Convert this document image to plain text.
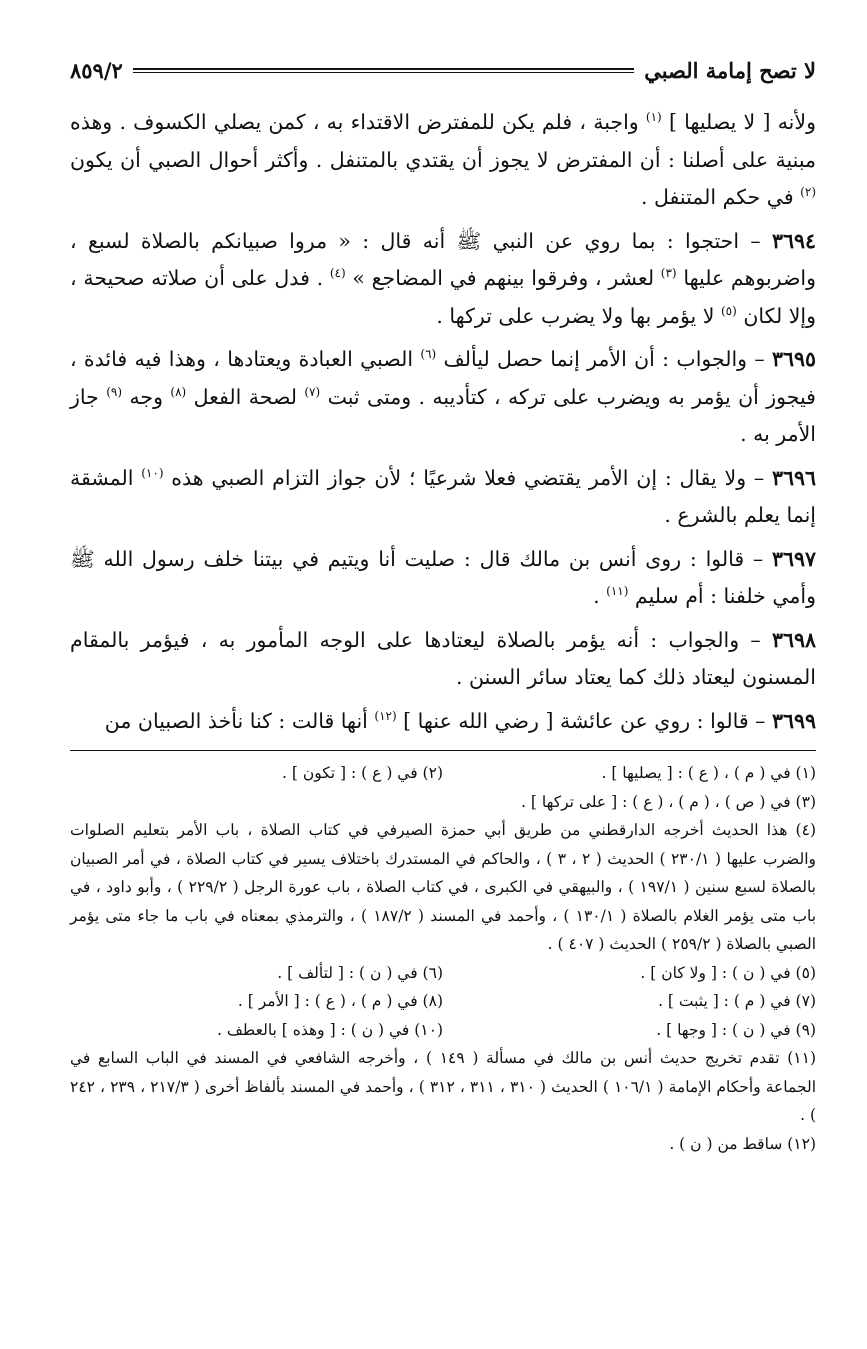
لا تصح إمامة الصبي
٨٥٩/٢

ولأنه [ لا يصليها ] $^{(١)}$ واجبة ، فلم يكن للمفترض الاقتداء به ، كمن يصلي الكسوف . وهذه مبنية على أصلنا : أن المفترض لا يجوز أن يقتدي بالمتنفل . وأكثر أحوال الصبي أن يكون $^{(٢)}$ في حكم المتنفل .

٣٦٩٤ – احتجوا : بما روي عن النبي ﷺ أنه قال : « مروا صبيانكم بالصلاة لسبع ، واضربوهم عليها $^{(٣)}$ لعشر ، وفرقوا بينهم في المضاجع » $^{(٤)}$ . فدل على أن صلاته صحيحة ، وإلا لكان $^{(٥)}$ لا يؤمر بها ولا يضرب على تركها .

٣٦٩٥ – والجواب : أن الأمر إنما حصل ليألف $^{(٦)}$ الصبي العبادة ويعتادها ، وهذا فيه فائدة ، فيجوز أن يؤمر به ويضرب على تركه ، كتأديبه . ومتى ثبت $^{(٧)}$ لصحة الفعل $^{(٨)}$ وجه $^{(٩)}$ جاز الأمر به .

٣٦٩٦ – ولا يقال : إن الأمر يقتضي فعلا شرعيًا ؛ لأن جواز التزام الصبي هذه $^{(١٠)}$ المشقة إنما يعلم بالشرع .

٣٦٩٧ – قالوا : روى أنس بن مالك قال : صليت أنا ويتيم في بيتنا خلف رسول الله ﷺ وأمي خلفنا : أم سليم $^{(١١)}$ .

٣٦٩٨ – والجواب : أنه يؤمر بالصلاة ليعتادها على الوجه المأمور به ، فيؤمر بالمقام المسنون ليعتاد ذلك كما يعتاد سائر السنن .

٣٦٩٩ – قالوا : روي عن عائشة [ رضي الله عنها ] $^{(١٢)}$ أنها قالت : كنا نأخذ الصبيان من

(١) في ( م ) ، ( ع ) : [ يصليها ] .
(٢) في ( ع ) : [ تكون ] .
(٣) في ( ص ) ، ( م ) ، ( ع ) : [ على تركها ] .
(٤) هذا الحديث أخرجه الدارقطني من طريق أبي حمزة الصيرفي في كتاب الصلاة ، باب الأمر بتعليم الصلوات والضرب عليها ( ٢٣٠/١ ) الحديث ( ٢ ، ٣ ) ، والحاكم في المستدرك باختلاف يسير في كتاب الصلاة ، في أمر الصبيان بالصلاة لسبع سنين ( ١٩٧/١ ) ، والبيهقي في الكبرى ، في كتاب الصلاة ، باب عورة الرجل ( ٢٢٩/٢ ) ، وأبو داود ، في باب متى يؤمر الغلام بالصلاة ( ١٣٠/١ ) ، وأحمد في المسند ( ١٨٧/٢ ) ، والترمذي بمعناه في باب ما جاء متى يؤمر الصبي بالصلاة ( ٢٥٩/٢ ) الحديث ( ٤٠٧ ) .
(٥) في ( ن ) : [ ولا كان ] .
(٦) في ( ن ) : [ لتألف ] .
(٧) في ( م ) : [ يثبت ] .
(٨) في ( م ) ، ( ع ) : [ الأمر ] .
(٩) في ( ن ) : [ وجها ] .
(١٠) في ( ن ) : [ وهذه ] بالعطف .
(١١) تقدم تخريج حديث أنس بن مالك في مسألة ( ١٤٩ ) ، وأخرجه الشافعي في المسند في الباب السابع في الجماعة وأحكام الإمامة ( ١٠٦/١ ) الحديث ( ٣١٠ ، ٣١١ ، ٣١٢ ) ، وأحمد في المسند بألفاظ أخرى ( ٢١٧/٣ ، ٢٣٩ ، ٢٤٢ ) .
(١٢) ساقط من ( ن ) .
